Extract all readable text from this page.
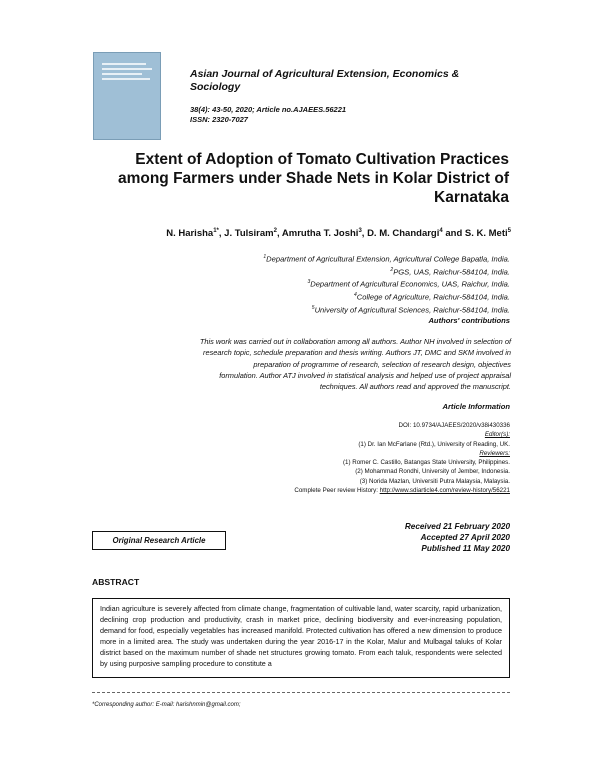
Asian Journal of Agricultural Extension, Economics & Sociology
38(4): 43-50, 2020; Article no.AJAEES.56221
ISSN: 2320-7027
Extent of Adoption of Tomato Cultivation Practices among Farmers under Shade Nets in Kolar District of Karnataka
N. Harisha$^{1*}$, J. Tulsiram$^2$, Amrutha T. Joshi$^3$, D. M. Chandargi$^4$ and S. K. Meti$^5$
$^1$Department of Agricultural Extension, Agricultural College Bapatla, India.
$^2$PGS, UAS, Raichur-584104, India.
$^3$Department of Agricultural Economics, UAS, Raichur, India.
$^4$College of Agriculture, Raichur-584104, India.
$^5$University of Agricultural Sciences, Raichur-584104, India.
Authors' contributions
This work was carried out in collaboration among all authors. Author NH involved in selection of
research topic, schedule preparation and thesis writing. Authors JT, DMC and SKM involved in
preparation of programme of research, selection of research design, objectives
formulation. Author ATJ involved in statistical analysis and helped use of project appraisal
techniques. All authors read and approved the manuscript.
Article Information
DOI: 10.9734/AJAEES/2020/v38i430336
Editor(s):
(1) Dr. Ian McFarlane (Rtd.), University of Reading, UK.
Reviewers:
(1) Romer C. Castillo, Batangas State University, Philippines.
(2) Mohammad Rondhi, University of Jember, Indonesia.
(3) Norida Mazlan, Universiti Putra Malaysia, Malaysia.
Complete Peer review History: http://www.sdiarticle4.com/review-history/56221
Received 21 February 2020
Accepted 27 April 2020
Published 11 May 2020
Original Research Article
ABSTRACT

Indian agriculture is severely affected from climate change, fragmentation of cultivable land, water scarcity, rapid urbanization, declining crop production and productivity, crash in market price, declining biodiversity and ever-increasing population, demand for food, especially vegetables has increased manifold. Protected cultivation has offered a new dimension to produce more in a limited area. The study was undertaken during the year 2016-17 in the Kolar, Malur and Mulbagal taluks of Kolar district based on the maximum number of shade net structures growing tomato. From each taluk, respondents were selected by using purposive sampling procedure to constitute a

*Corresponding author: E-mail: harishnmin@gmail.com;
